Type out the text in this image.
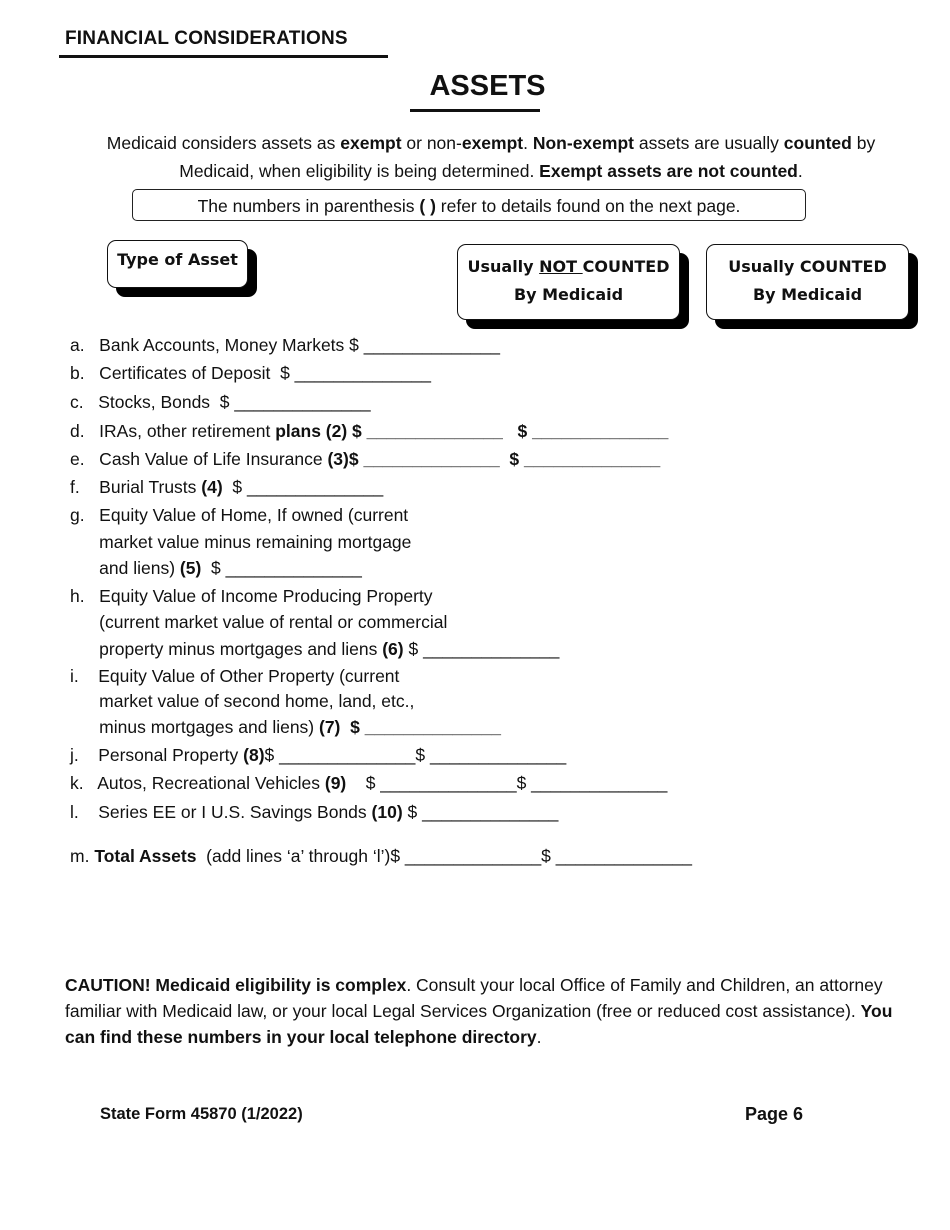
FINANCIAL CONSIDERATIONS
ASSETS
Medicaid considers assets as exempt or non-exempt. Non-exempt assets are usually counted by Medicaid, when eligibility is being determined. Exempt assets are not counted.
The numbers in parenthesis ( ) refer to details found on the next page.
Type of Asset	Usually NOT COUNTED
By Medicaid
Usually COUNTED
By Medicaid
a.   Bank Accounts, Money Markets $ ______________
b.   Certificates of Deposit  $ ______________
c.   Stocks, Bonds  $ ______________
d.   IRAs, other retirement plans (2) $ ______________   $ ______________
e.   Cash Value of Life Insurance (3)$ ______________  $ ______________
f.    Burial Trusts (4)  $ ______________
g.   Equity Value of Home, If owned (current
market value minus remaining mortgage
and liens) (5)  $ ______________
h.   Equity Value of Income Producing Property
(current market value of rental or commercial
property minus mortgages and liens (6) $ ______________
i.    Equity Value of Other Property (current
market value of second home, land, etc.,
minus mortgages and liens) (7)  $ ______________
j.    Personal Property (8)$ ______________$ ______________
k.   Autos, Recreational Vehicles (9)    $ ______________$ ______________
l.    Series EE or I U.S. Savings Bonds (10) $ ______________
m. Total Assets  (add lines ‘a’ through ‘l’)$ ______________$ ______________
CAUTION! Medicaid eligibility is complex. Consult your local Office of Family and Children, an attorney familiar with Medicaid law, or your local Legal Services Organization (free or reduced cost assistance). You can find these numbers in your local telephone directory.
State Form 45870 (1/2022)	Page 6
